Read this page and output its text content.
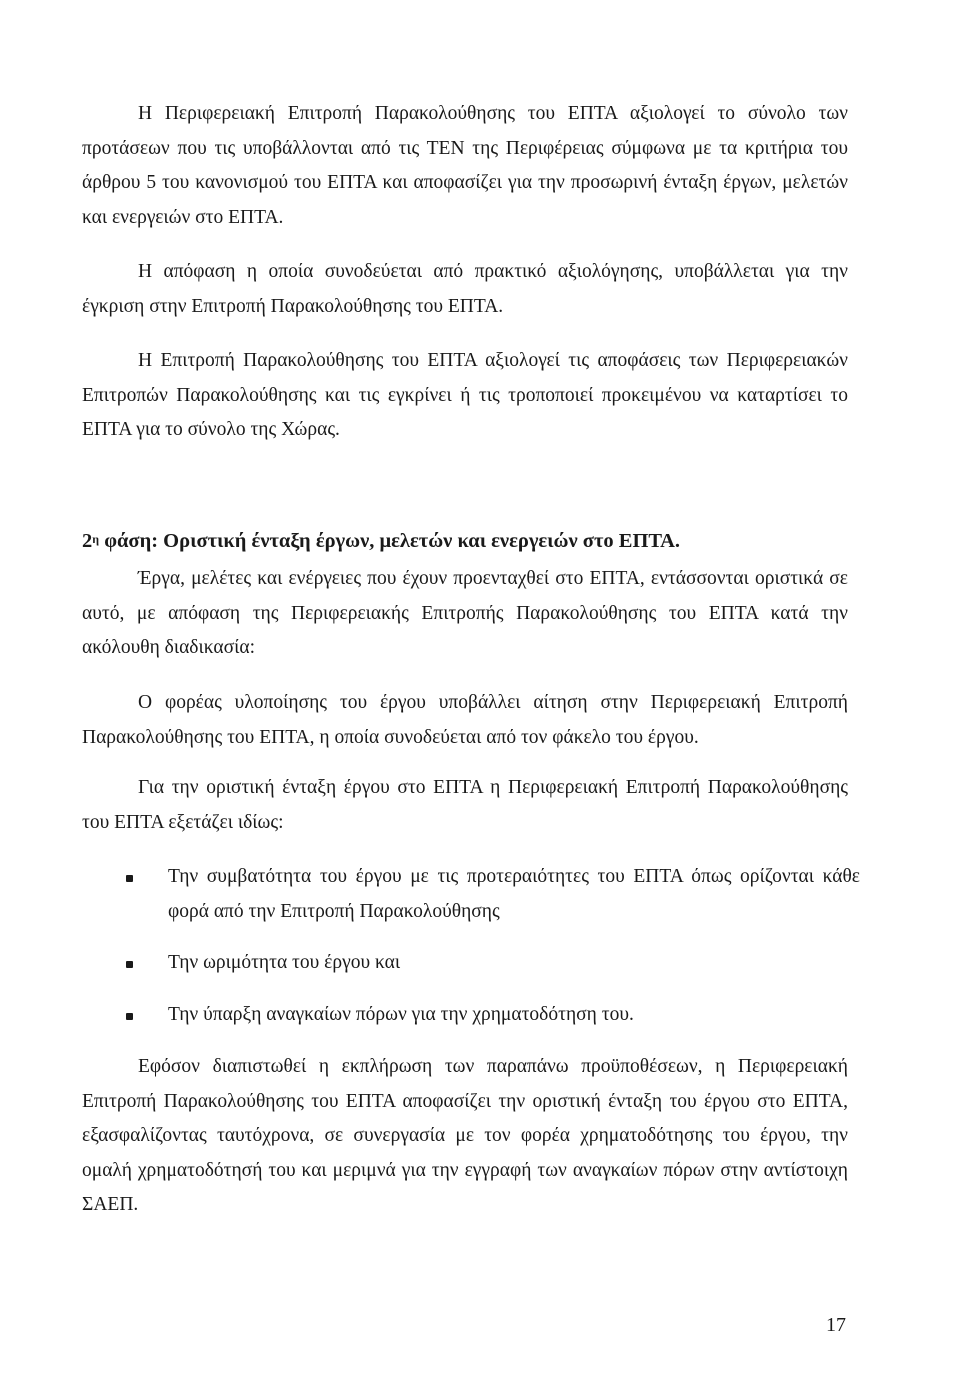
Η Περιφερειακή Επιτροπή Παρακολούθησης του ΕΠΤΑ αξιολογεί το σύνολο των προτάσεων που τις υποβάλλονται από τις ΤΕΝ της Περιφέρειας σύμφωνα με τα κριτήρια του άρθρου 5 του κανονισμού του ΕΠΤΑ και αποφασίζει για την προσωρινή ένταξη έργων, μελετών και ενεργειών στο ΕΠΤΑ.

Η απόφαση η οποία συνοδεύεται από πρακτικό αξιολόγησης, υποβάλλεται για την έγκριση στην Επιτροπή Παρακολούθησης του ΕΠΤΑ.

Η Επιτροπή Παρακολούθησης του ΕΠΤΑ αξιολογεί τις αποφάσεις των Περιφερειακών Επιτροπών Παρακολούθησης και τις εγκρίνει ή τις τροποποιεί προκειμένου να καταρτίσει το ΕΠΤΑ για το σύνολο της Χώρας.

$2^\eta$ φάση: Οριστική ένταξη έργων, μελετών και ενεργειών στο ΕΠΤΑ.

Έργα, μελέτες και ενέργειες που έχουν προενταχθεί στο ΕΠΤΑ, εντάσσονται οριστικά σε αυτό, με απόφαση της Περιφερειακής Επιτροπής Παρακολούθησης του ΕΠΤΑ κατά την ακόλουθη διαδικασία:

Ο φορέας υλοποίησης του έργου υποβάλλει αίτηση στην Περιφερειακή Επιτροπή Παρακολούθησης του ΕΠΤΑ, η οποία συνοδεύεται από τον φάκελο του έργου.

Για την οριστική ένταξη έργου στο ΕΠΤΑ η Περιφερειακή Επιτροπή Παρακολούθησης του ΕΠΤΑ εξετάζει ιδίως:

Την συμβατότητα του έργου με τις προτεραιότητες του ΕΠΤΑ όπως ορίζονται κάθε φορά από την Επιτροπή Παρακολούθησης
Την ωριμότητα του έργου και
Την ύπαρξη αναγκαίων πόρων για την χρηματοδότηση του.

Εφόσον διαπιστωθεί η εκπλήρωση των παραπάνω προϋποθέσεων, η Περιφερειακή Επιτροπή Παρακολούθησης του ΕΠΤΑ αποφασίζει την οριστική ένταξη του έργου στο ΕΠΤΑ, εξασφαλίζοντας ταυτόχρονα, σε συνεργασία με τον φορέα χρηματοδότησης του έργου, την ομαλή χρηματοδότησή του και μεριμνά για την εγγραφή των αναγκαίων πόρων στην αντίστοιχη ΣΑΕΠ.

17
